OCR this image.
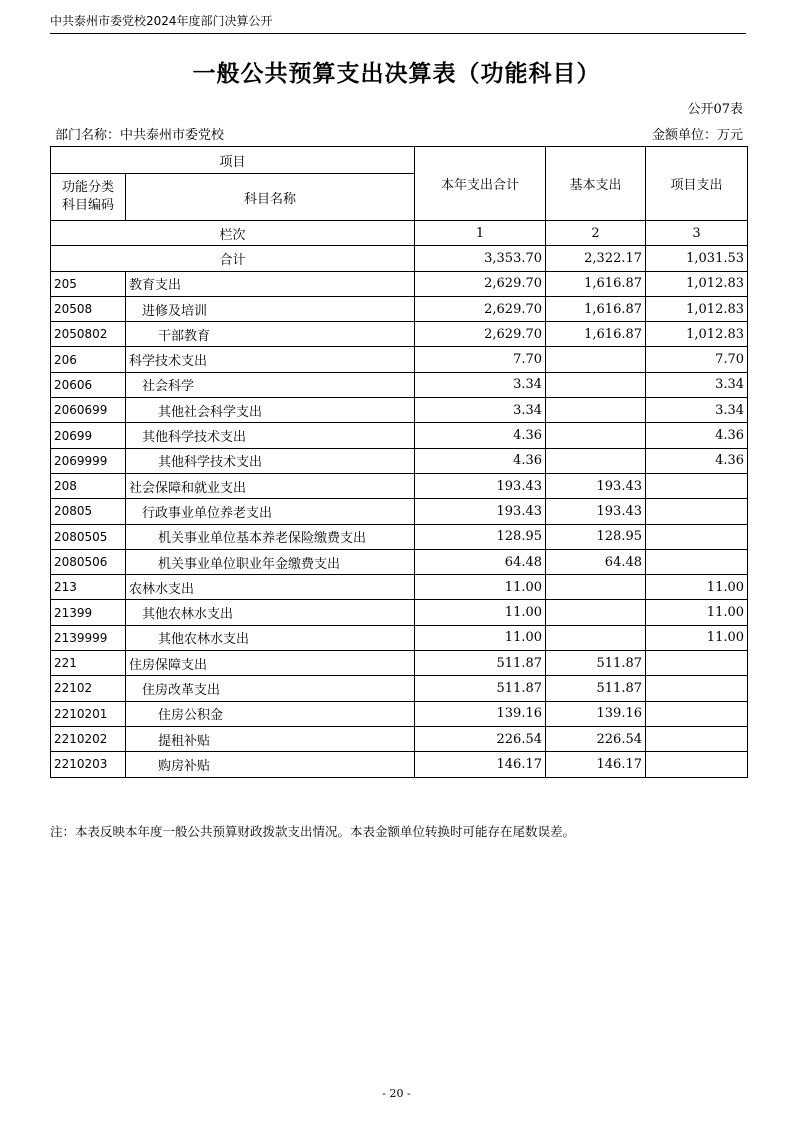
中共泰州市委党校2024年度部门决算公开
一般公共预算支出决算表（功能科目）
公开07表
部门名称：中共泰州市委党校	金额单位：万元
项目		本年支出合计	基本支出	项目支出
功能分类
科目编码	科目名称			
栏次		1	2	3
合计		3,353.70	2,322.17	1,031.53
205	教育支出	2,629.70	1,616.87	1,012.83
20508	进修及培训	2,629.70	1,616.87	1,012.83
2050802	干部教育	2,629.70	1,616.87	1,012.83
206	科学技术支出	7.70		7.70
20606	社会科学	3.34		3.34
2060699	其他社会科学支出	3.34		3.34
20699	其他科学技术支出	4.36		4.36
2069999	其他科学技术支出	4.36		4.36
208	社会保障和就业支出	193.43	193.43	
20805	行政事业单位养老支出	193.43	193.43	
2080505	机关事业单位基本养老保险缴费支出	128.95	128.95	
2080506	机关事业单位职业年金缴费支出	64.48	64.48	
213	农林水支出	11.00		11.00
21399	其他农林水支出	11.00		11.00
2139999	其他农林水支出	11.00		11.00
221	住房保障支出	511.87	511.87	
22102	住房改革支出	511.87	511.87	
2210201	住房公积金	139.16	139.16	
2210202	提租补贴	226.54	226.54	
2210203	购房补贴	146.17	146.17	
注：本表反映本年度一般公共预算财政拨款支出情况。本表金额单位转换时可能存在尾数误差。
- 20 -
